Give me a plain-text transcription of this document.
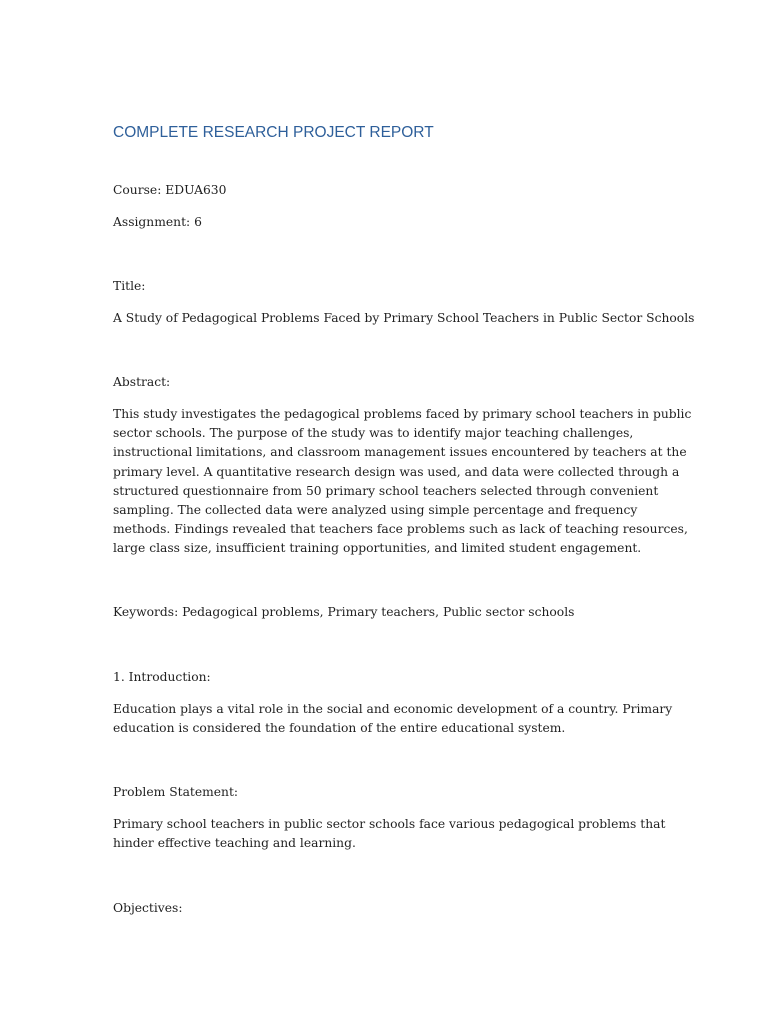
COMPLETE RESEARCH PROJECT REPORT

Course: EDUA630

Assignment: 6

Title:

A Study of Pedagogical Problems Faced by Primary School Teachers in Public Sector Schools

Abstract:

This study investigates the pedagogical problems faced by primary school teachers in public
sector schools. The purpose of the study was to identify major teaching challenges,
instructional limitations, and classroom management issues encountered by teachers at the
primary level. A quantitative research design was used, and data were collected through a
structured questionnaire from 50 primary school teachers selected through convenient
sampling. The collected data were analyzed using simple percentage and frequency
methods. Findings revealed that teachers face problems such as lack of teaching resources,
large class size, insufficient training opportunities, and limited student engagement.

Keywords: Pedagogical problems, Primary teachers, Public sector schools

1. Introduction:

Education plays a vital role in the social and economic development of a country. Primary
education is considered the foundation of the entire educational system.

Problem Statement:

Primary school teachers in public sector schools face various pedagogical problems that
hinder effective teaching and learning.

Objectives:
